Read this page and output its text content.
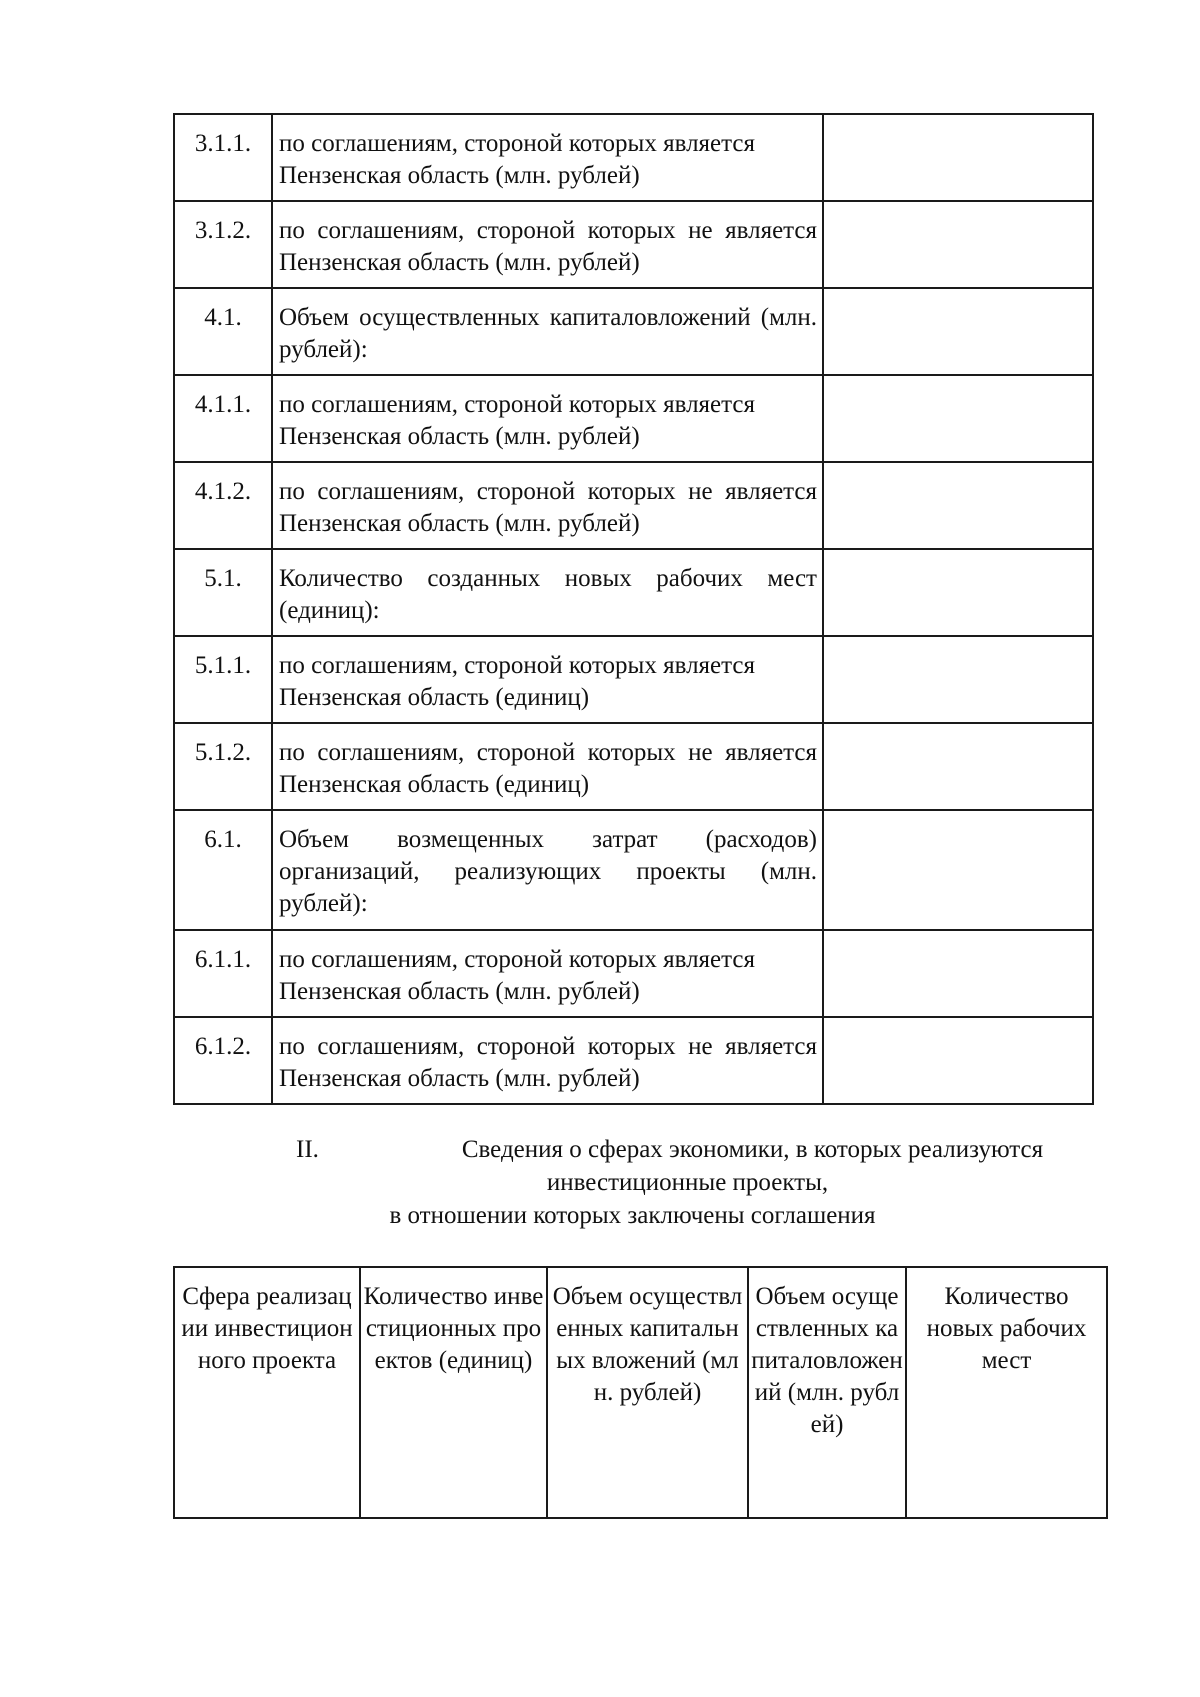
3.1.1.	по соглашениям, стороной которых является Пензенская область (млн. рублей)	
3.1.2.	по соглашениям, стороной которых не является Пензенская область (млн. рублей)	
4.1.	Объем осуществленных капиталовложений (млн. рублей):	
4.1.1.	по соглашениям, стороной которых является Пензенская область (млн. рублей)	
4.1.2.	по соглашениям, стороной которых не является Пензенская область (млн. рублей)	
5.1.	Количество созданных новых рабочих мест (единиц):	
5.1.1.	по соглашениям, стороной которых является Пензенская область (единиц)	
5.1.2.	по соглашениям, стороной которых не является Пензенская область (единиц)	
6.1.	Объем возмещенных затрат (расходов) организаций, реализующих проекты (млн. рублей):	
6.1.1.	по соглашениям, стороной которых является Пензенская область (млн. рублей)	
6.1.2.	по соглашениям, стороной которых не является Пензенская область (млн. рублей)	
II.	Сведения о сферах экономики, в которых реализуются
инвестиционные проекты,
в отношении которых заключены соглашения
Сфера реализации инвестиционного проекта	Количество инвестиционных проектов (единиц)	Объем осуществленных капитальных вложений (млн. рублей)	Объем осуществленных капиталовложений (млн. рублей)	Количество новых рабочих мест
